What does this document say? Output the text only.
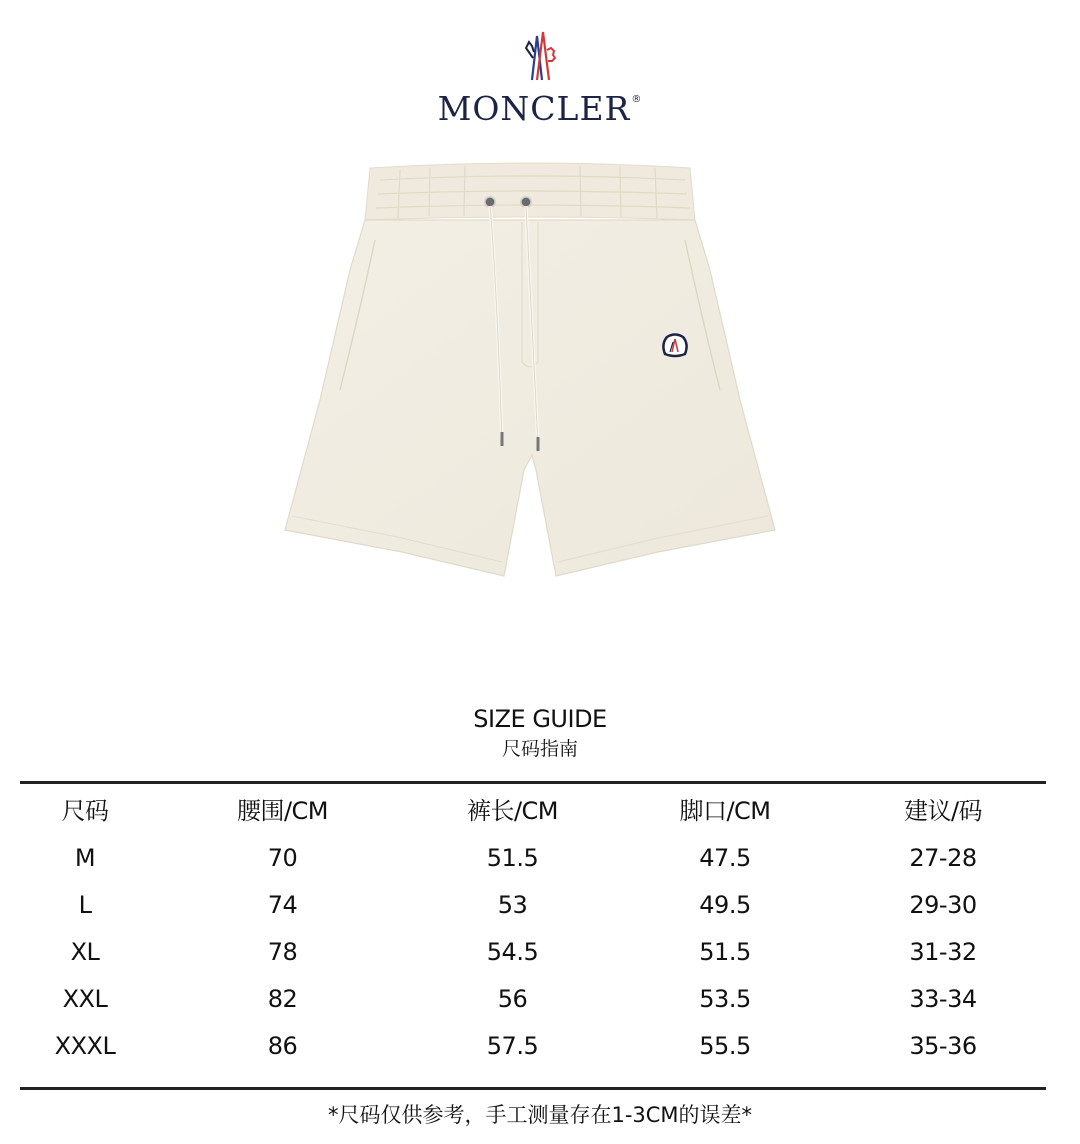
MONCLER®
SIZE GUIDE
尺码指南
尺码	腰围/CM	裤长/CM	脚口/CM	建议/码
M	70	51.5	47.5	27-28
L	74	53	49.5	29-30
XL	78	54.5	51.5	31-32
XXL	82	56	53.5	33-34
XXXL	86	57.5	55.5	35-36
*尺码仅供参考，手工测量存在1-3CM的误差*
